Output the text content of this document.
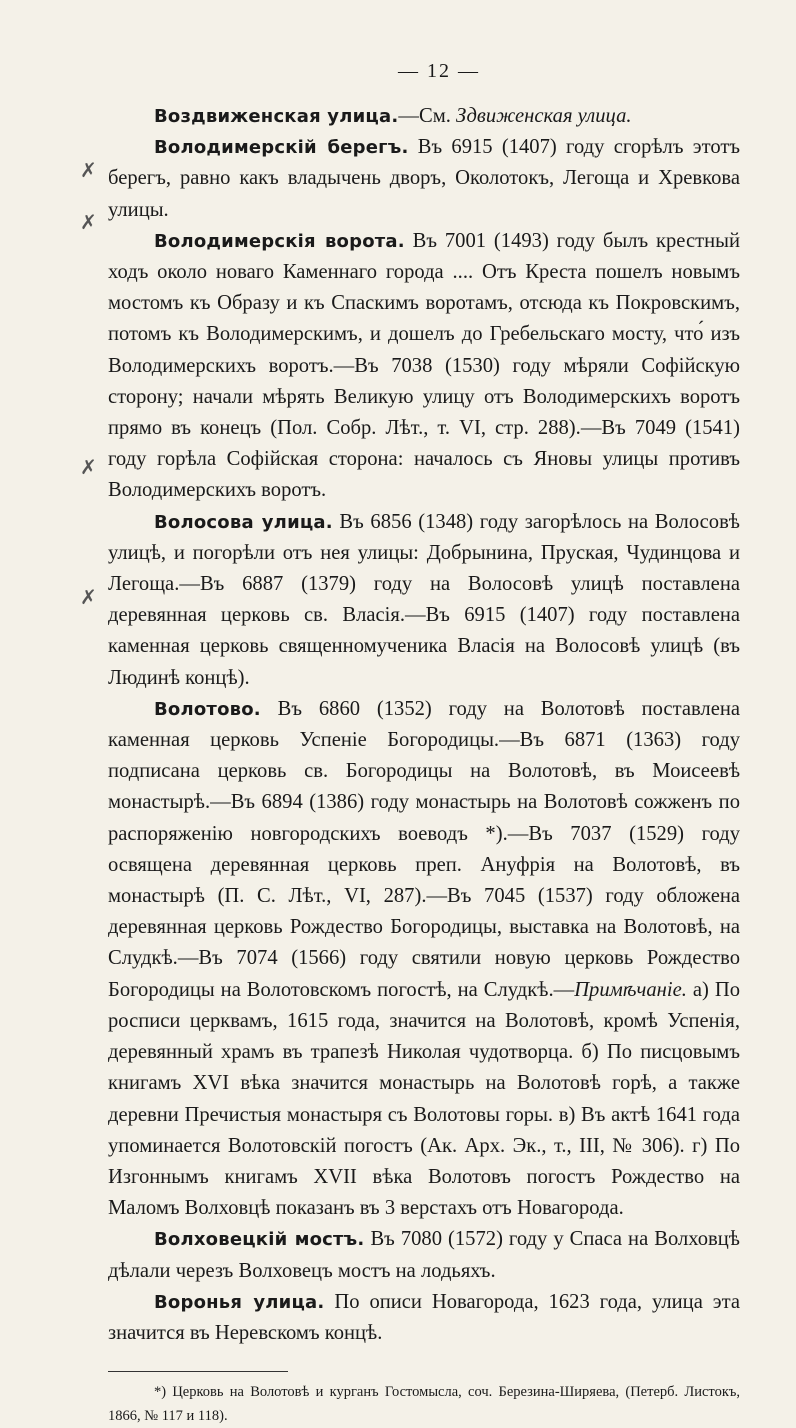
— 12 —

Воздвиженская улица.—См. Здвиженская улица.

Володимерскій берегъ. Въ 6915 (1407) году сгорѣлъ этотъ берегъ, равно какъ владычень дворъ, Околотокъ, Легоща и Хревкова улицы.

Володимерскія ворота. Въ 7001 (1493) году былъ крестный ходъ около новаго Каменнаго города .... Отъ Креста пошелъ новымъ мостомъ къ Образу и къ Спаскимъ воротамъ, отсюда къ Покровскимъ, потомъ къ Володимерскимъ, и дошелъ до Гребельскаго мосту, что́ изъ Володимерскихъ воротъ.—Въ 7038 (1530) году мѣряли Софійскую сторону; начали мѣрять Великую улицу отъ Володимерскихъ воротъ прямо въ конецъ (Пол. Собр. Лѣт., т. VI, стр. 288).—Въ 7049 (1541) году горѣла Софійская сторона: началось съ Яновы улицы противъ Володимерскихъ воротъ.

Волосова улица. Въ 6856 (1348) году загорѣлось на Волосовѣ улицѣ, и погорѣли отъ нея улицы: Добрынина, Пруская, Чудинцова и Легоща.—Въ 6887 (1379) году на Волосовѣ улицѣ поставлена деревянная церковь св. Власія.—Въ 6915 (1407) году поставлена каменная церковь священномученика Власія на Волосовѣ улицѣ (въ Людинѣ концѣ).

Волотово. Въ 6860 (1352) году на Волотовѣ поставлена каменная церковь Успеніе Богородицы.—Въ 6871 (1363) году подписана церковь св. Богородицы на Волотовѣ, въ Моисеевѣ монастырѣ.—Въ 6894 (1386) году монастырь на Волотовѣ сожженъ по распоряженію новгородскихъ воеводъ *).—Въ 7037 (1529) году освящена деревянная церковь преп. Ануфрія на Волотовѣ, въ монастырѣ (П. С. Лѣт., VI, 287).—Въ 7045 (1537) году обложена деревянная церковь Рождество Богородицы, выставка на Волотовѣ, на Слудкѣ.—Въ 7074 (1566) году святили новую церковь Рождество Богородицы на Волотовскомъ погостѣ, на Слудкѣ.—Примѣчаніе. а) По росписи церквамъ, 1615 года, значится на Волотовѣ, кромѣ Успенія, деревянный храмъ въ трапезѣ Николая чудотворца. б) По писцовымъ книгамъ XVI вѣка значится монастырь на Волотовѣ горѣ, а также деревни Пречистыя монастыря съ Волотовы горы. в) Въ актѣ 1641 года упоминается Волотовскій погостъ (Ак. Арх. Эк., т., III, № 306). г) По Изгоннымъ книгамъ XVII вѣка Волотовъ погостъ Рождество на Маломъ Волховцѣ показанъ въ 3 верстахъ отъ Новагорода.

Волховецкій мостъ. Въ 7080 (1572) году у Спаса на Волховцѣ дѣлали черезъ Волховецъ мостъ на лодьяхъ.

Воронья улица. По описи Новагорода, 1623 года, улица эта значится въ Неревскомъ концѣ.

*) Церковь на Волотовѣ и курганъ Гостомысла, соч. Березина-Ширяева, (Петерб. Листокъ, 1866, № 117 и 118).

✗
✗
✗
✗
